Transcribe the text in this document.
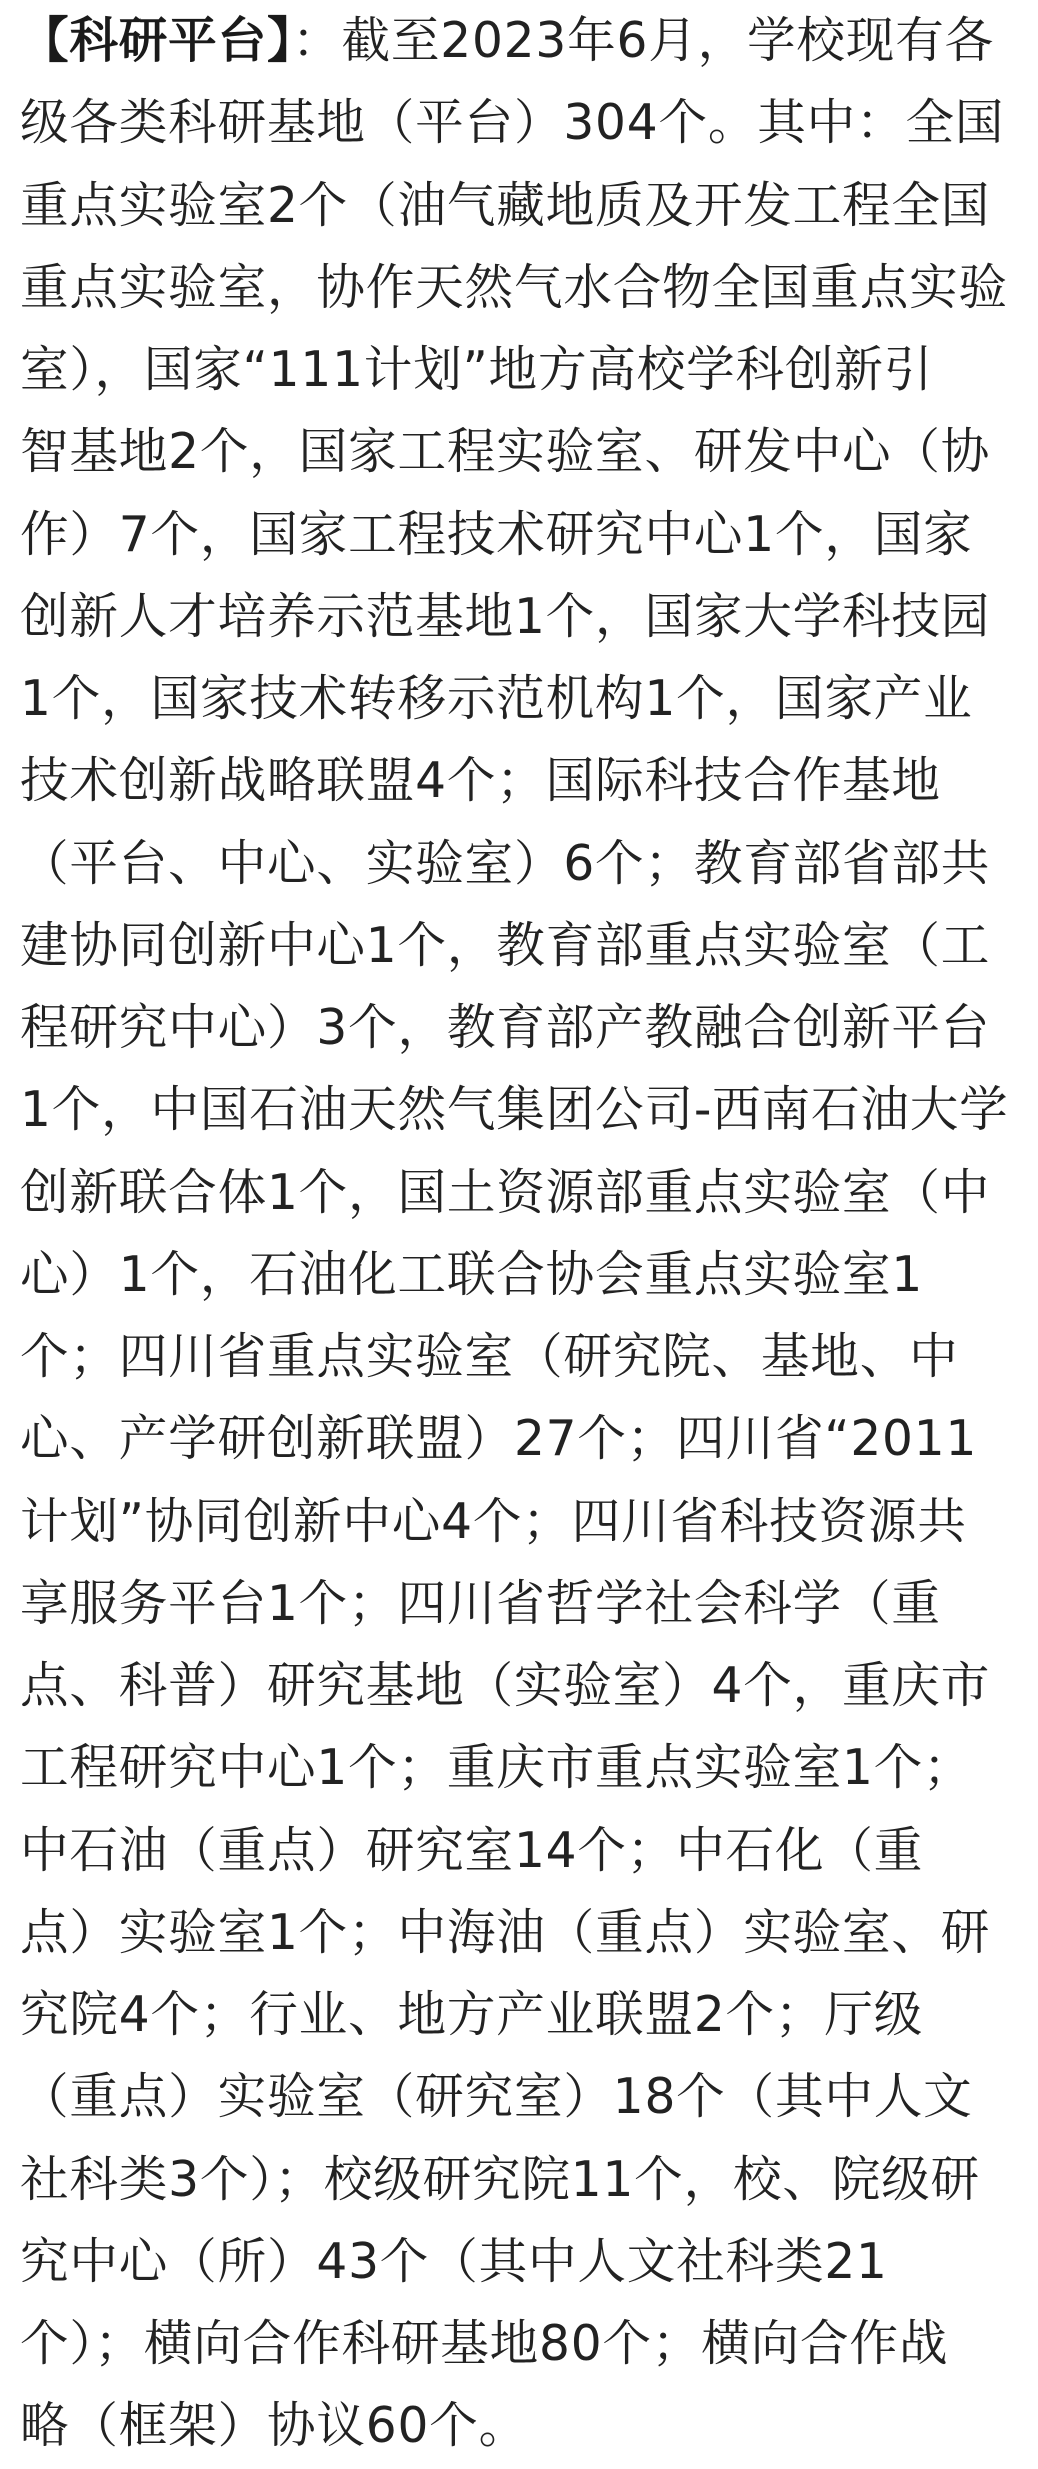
【科研平台】：截至2023年6月，学校现有各
级各类科研基地（平台）304个。其中：全国
重点实验室2个（油气藏地质及开发工程全国
重点实验室，协作天然气水合物全国重点实验
室），国家“111计划”地方高校学科创新引
智基地2个，国家工程实验室、研发中心（协
作）7个，国家工程技术研究中心1个，国家
创新人才培养示范基地1个，国家大学科技园
1个，国家技术转移示范机构1个，国家产业
技术创新战略联盟4个；国际科技合作基地
（平台、中心、实验室）6个；教育部省部共
建协同创新中心1个，教育部重点实验室（工
程研究中心）3个，教育部产教融合创新平台
1个，中国石油天然气集团公司-西南石油大学
创新联合体1个，国土资源部重点实验室（中
心）1个，石油化工联合协会重点实验室1
个；四川省重点实验室（研究院、基地、中
心、产学研创新联盟）27个；四川省“2011
计划”协同创新中心4个；四川省科技资源共
享服务平台1个；四川省哲学社会科学（重
点、科普）研究基地（实验室）4个，重庆市
工程研究中心1个；重庆市重点实验室1个；
中石油（重点）研究室14个；中石化（重
点）实验室1个；中海油（重点）实验室、研
究院4个；行业、地方产业联盟2个；厅级
（重点）实验室（研究室）18个（其中人文
社科类3个）；校级研究院11个，校、院级研
究中心（所）43个（其中人文社科类21
个）；横向合作科研基地80个；横向合作战
略（框架）协议60个。
